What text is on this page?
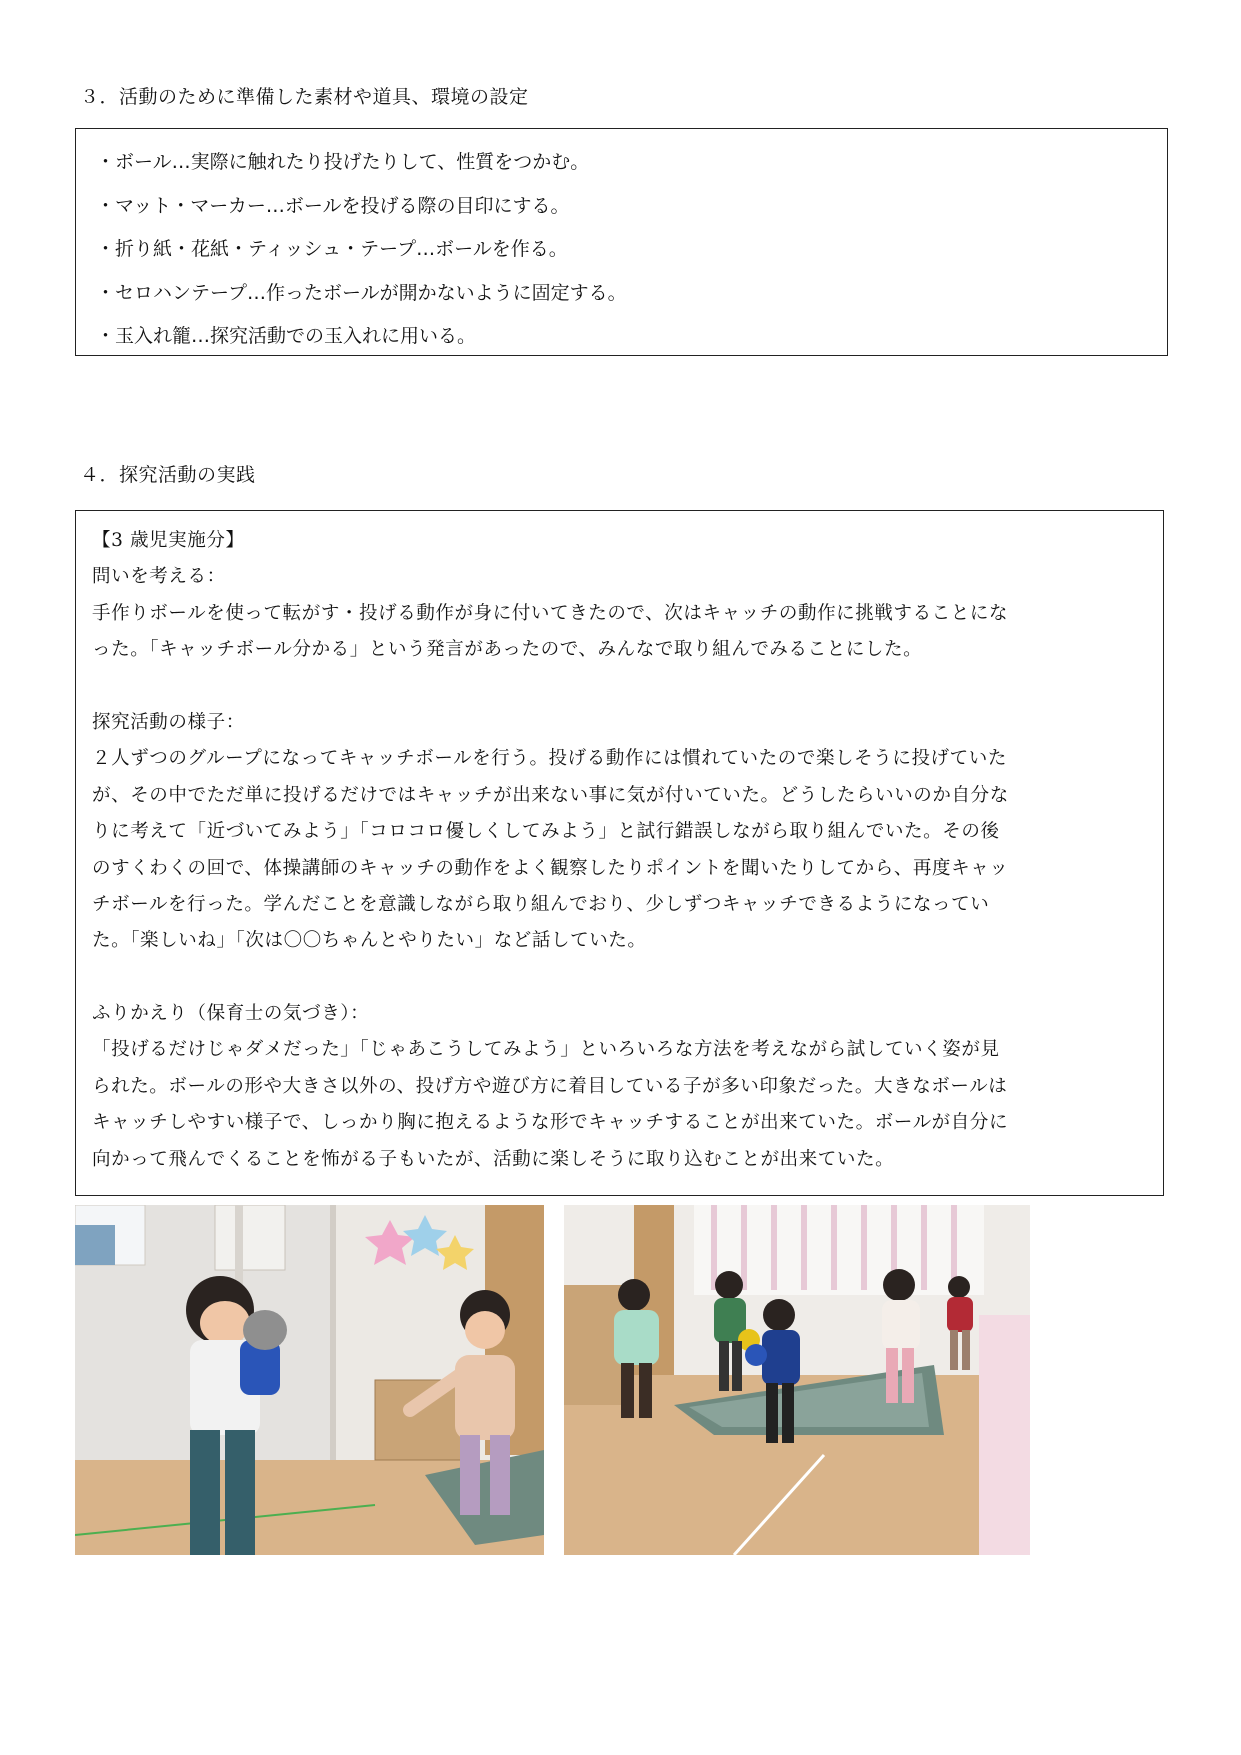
３．活動のために準備した素材や道具、環境の設定
・ボール…実際に触れたり投げたりして、性質をつかむ。
・マット・マーカー…ボールを投げる際の目印にする。
・折り紙・花紙・ティッシュ・テープ…ボールを作る。
・セロハンテープ…作ったボールが開かないように固定する。
・玉入れ籠…探究活動での玉入れに用いる。
４．探究活動の実践
【3 歳児実施分】
問いを考える：
手作りボールを使って転がす・投げる動作が身に付いてきたので、次はキャッチの動作に挑戦することにな
った。「キャッチボール分かる」という発言があったので、みんなで取り組んでみることにした。
探究活動の様子：
２人ずつのグループになってキャッチボールを行う。投げる動作には慣れていたので楽しそうに投げていた
が、その中でただ単に投げるだけではキャッチが出来ない事に気が付いていた。どうしたらいいのか自分な
りに考えて「近づいてみよう」「コロコロ優しくしてみよう」と試行錯誤しながら取り組んでいた。その後
のすくわくの回で、体操講師のキャッチの動作をよく観察したりポイントを聞いたりしてから、再度キャッ
チボールを行った。学んだことを意識しながら取り組んでおり、少しずつキャッチできるようになってい
た。「楽しいね」「次は〇〇ちゃんとやりたい」など話していた。
ふりかえり（保育士の気づき）：
「投げるだけじゃダメだった」「じゃあこうしてみよう」といろいろな方法を考えながら試していく姿が見
られた。ボールの形や大きさ以外の、投げ方や遊び方に着目している子が多い印象だった。大きなボールは
キャッチしやすい様子で、しっかり胸に抱えるような形でキャッチすることが出来ていた。ボールが自分に
向かって飛んでくることを怖がる子もいたが、活動に楽しそうに取り込むことが出来ていた。
